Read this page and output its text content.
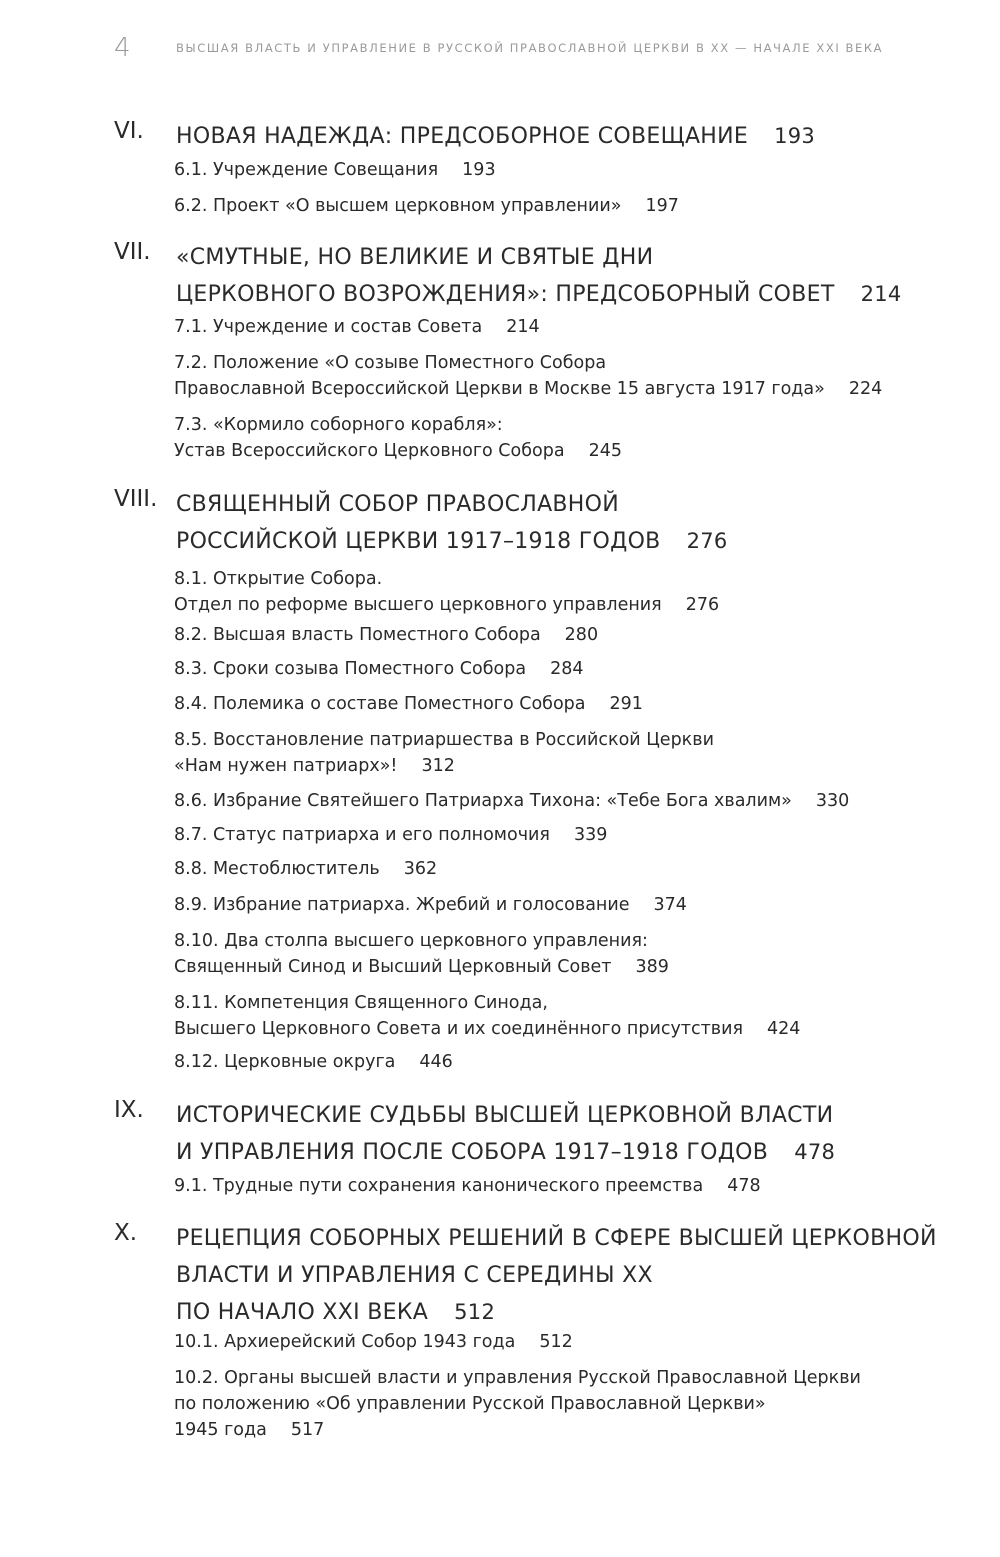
4	ВЫСШАЯ ВЛАСТЬ И УПРАВЛЕНИЕ В РУССКОЙ ПРАВОСЛАВНОЙ ЦЕРКВИ В XX — НАЧАЛЕ XXI ВЕКА
VI. НОВАЯ НАДЕЖДА: ПРЕДСОБОРНОЕ СОВЕЩАНИЕ 193
6.1. Учреждение Совещания 193
6.2. Проект «О высшем церковном управлении» 197
VII. «СМУТНЫЕ, НО ВЕЛИКИЕ И СВЯТЫЕ ДНИ
ЦЕРКОВНОГО ВОЗРОЖДЕНИЯ»: ПРЕДСОБОРНЫЙ СОВЕТ 214
7.1. Учреждение и состав Совета 214
7.2. Положение «О созыве Поместного Собора
Православной Всероссийской Церкви в Москве 15 августа 1917 года» 224
7.3. «Кормило соборного корабля»:
Устав Всероссийского Церковного Собора 245
VIII. СВЯЩЕННЫЙ СОБОР ПРАВОСЛАВНОЙ
РОССИЙСКОЙ ЦЕРКВИ 1917–1918 ГОДОВ 276
8.1. Открытие Собора.
Отдел по реформе высшего церковного управления 276
8.2. Высшая власть Поместного Собора 280
8.3. Сроки созыва Поместного Собора 284
8.4. Полемика о составе Поместного Собора 291
8.5. Восстановление патриаршества в Российской Церкви
«Нам нужен патриарх»! 312
8.6. Избрание Святейшего Патриарха Тихона: «Тебе Бога хвалим» 330
8.7. Статус патриарха и его полномочия 339
8.8. Местоблюститель 362
8.9. Избрание патриарха. Жребий и голосование 374
8.10. Два столпа высшего церковного управления:
Священный Синод и Высший Церковный Совет 389
8.11. Компетенция Священного Синода,
Высшего Церковного Совета и их соединённого присутствия 424
8.12. Церковные округа 446
IX. ИСТОРИЧЕСКИЕ СУДЬБЫ ВЫСШЕЙ ЦЕРКОВНОЙ ВЛАСТИ
И УПРАВЛЕНИЯ ПОСЛЕ СОБОРА 1917–1918 ГОДОВ 478
9.1. Трудные пути сохранения канонического преемства 478
X. РЕЦЕПЦИЯ СОБОРНЫХ РЕШЕНИЙ В СФЕРЕ ВЫСШЕЙ ЦЕРКОВНОЙ
ВЛАСТИ И УПРАВЛЕНИЯ С СЕРЕДИНЫ XX
ПО НАЧАЛО XXI ВЕКА 512
10.1. Архиерейский Собор 1943 года 512
10.2. Органы высшей власти и управления Русской Православной Церкви
по положению «Об управлении Русской Православной Церкви»
1945 года 517
